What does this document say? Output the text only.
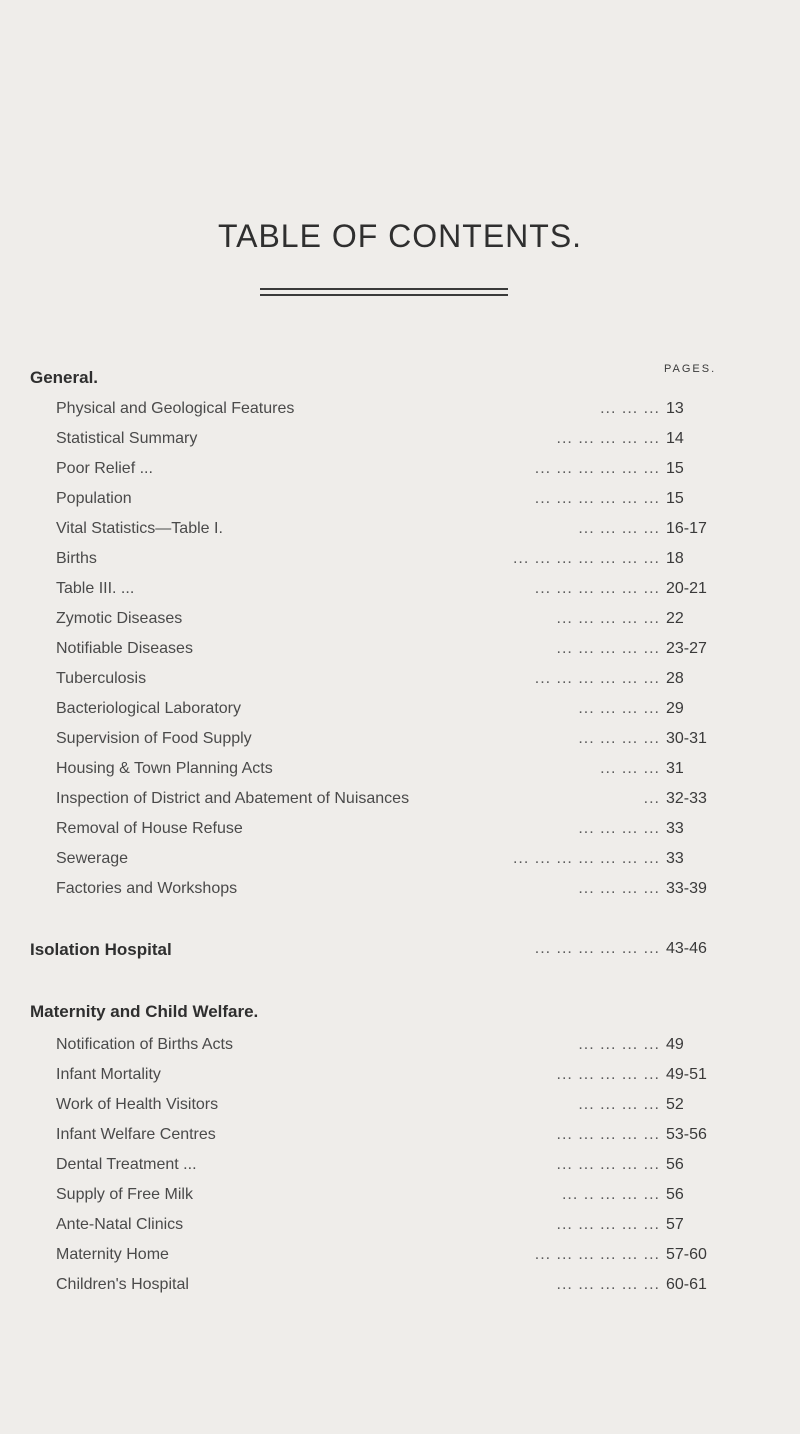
TABLE OF CONTENTS.
PAGES.
General.
Physical and Geological Features	... ... ... 13
Statistical Summary	... ... ... ... ... 14
Poor Relief ...	... ... ... ... ... ... 15
Population	... ... ... ... ... ... 15
Vital Statistics—Table I.	... ... ... ... 16-17
Births	... ... ... ... ... ... ... 18
Table III. ...	... ... ... ... ... ... 20-21
Zymotic Diseases	... ... ... ... ... 22
Notifiable Diseases	... ... ... ... ... 23-27
Tuberculosis	... ... ... ... ... ... 28
Bacteriological Laboratory	... ... ... ... 29
Supervision of Food Supply	... ... ... ... 30-31
Housing & Town Planning Acts	... ... ... 31
Inspection of District and Abatement of Nuisances	... 32-33
Removal of House Refuse	... ... ... ... 33
Sewerage	... ... ... ... ... ... ... 33
Factories and Workshops	... ... ... ... 33-39
Isolation Hospital	... ... ... ... ... ... 43-46
Maternity and Child Welfare.
Notification of Births Acts	... ... ... ... 49
Infant Mortality	... ... ... ... ... 49-51
Work of Health Visitors	... ... ... ... 52
Infant Welfare Centres	... ... ... ... ... 53-56
Dental Treatment ...	... ... ... ... ... 56
Supply of Free Milk	... .. ... ... ... 56
Ante-Natal Clinics	... ... ... ... ... 57
Maternity Home	... ... ... ... ... ... 57-60
Children's Hospital	... ... ... ... ... 60-61
